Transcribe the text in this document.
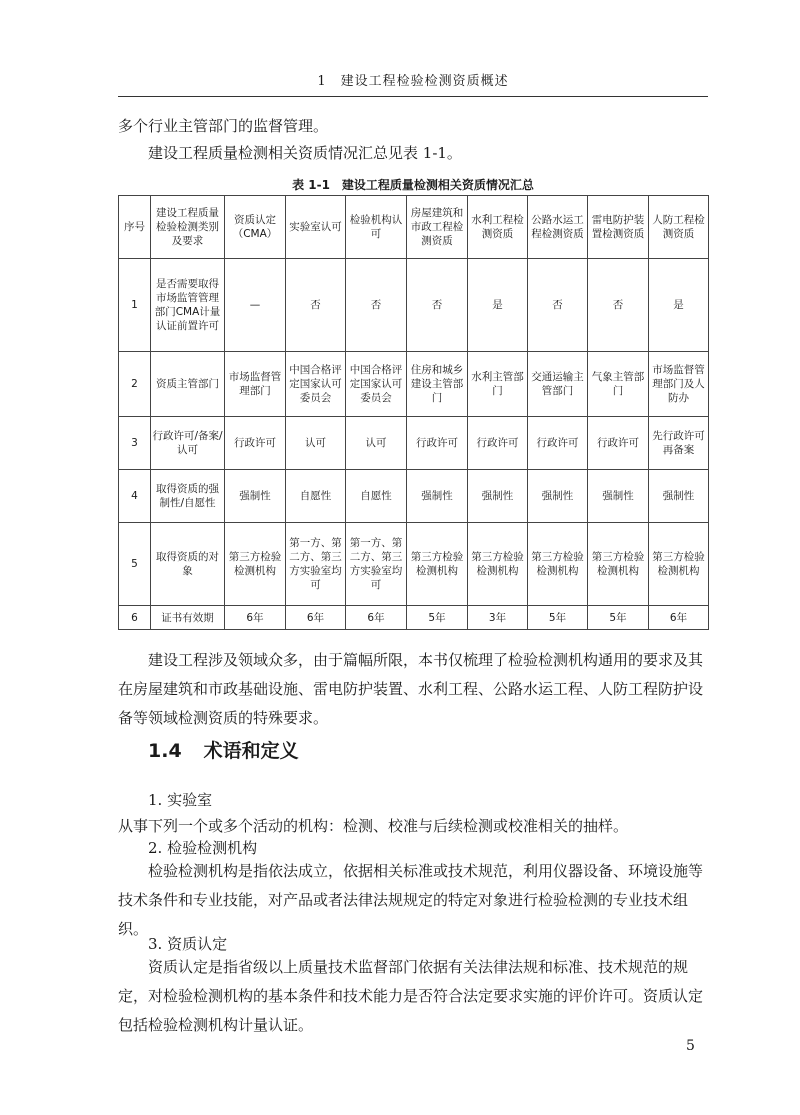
1　建设工程检验检测资质概述
多个行业主管部门的监督管理。
建设工程质量检测相关资质情况汇总见表 1-1。
表 1-1　建设工程质量检测相关资质情况汇总
序号	建设工程质量检验检测类别及要求	资质认定（CMA）	实验室认可	检验机构认可	房屋建筑和市政工程检测资质	水利工程检测资质	公路水运工程检测资质	雷电防护装置检测资质	人防工程检测资质
1	是否需要取得市场监管管理部门CMA计量认证前置许可	—	否	否	否	是	否	否	是
2	资质主管部门	市场监督管理部门	中国合格评定国家认可委员会	中国合格评定国家认可委员会	住房和城乡建设主管部门	水利主管部门	交通运输主管部门	气象主管部门	市场监督管理部门及人防办
3	行政许可/备案/认可	行政许可	认可	认可	行政许可	行政许可	行政许可	行政许可	先行政许可再备案
4	取得资质的强制性/自愿性	强制性	自愿性	自愿性	强制性	强制性	强制性	强制性	强制性
5	取得资质的对象	第三方检验检测机构	第一方、第二方、第三方实验室均可	第一方、第二方、第三方实验室均可	第三方检验检测机构	第三方检验检测机构	第三方检验检测机构	第三方检验检测机构	第三方检验检测机构
6	证书有效期	6年	6年	6年	5年	3年	5年	5年	6年
建设工程涉及领域众多，由于篇幅所限，本书仅梳理了检验检测机构通用的要求及其在房屋建筑和市政基础设施、雷电防护装置、水利工程、公路水运工程、人防工程防护设备等领域检测资质的特殊要求。
1.4 术语和定义
1. 实验室
从事下列一个或多个活动的机构：检测、校准与后续检测或校准相关的抽样。
2. 检验检测机构
检验检测机构是指依法成立，依据相关标准或技术规范，利用仪器设备、环境设施等技术条件和专业技能，对产品或者法律法规规定的特定对象进行检验检测的专业技术组织。
3. 资质认定
资质认定是指省级以上质量技术监督部门依据有关法律法规和标准、技术规范的规定，对检验检测机构的基本条件和技术能力是否符合法定要求实施的评价许可。资质认定包括检验检测机构计量认证。
5
